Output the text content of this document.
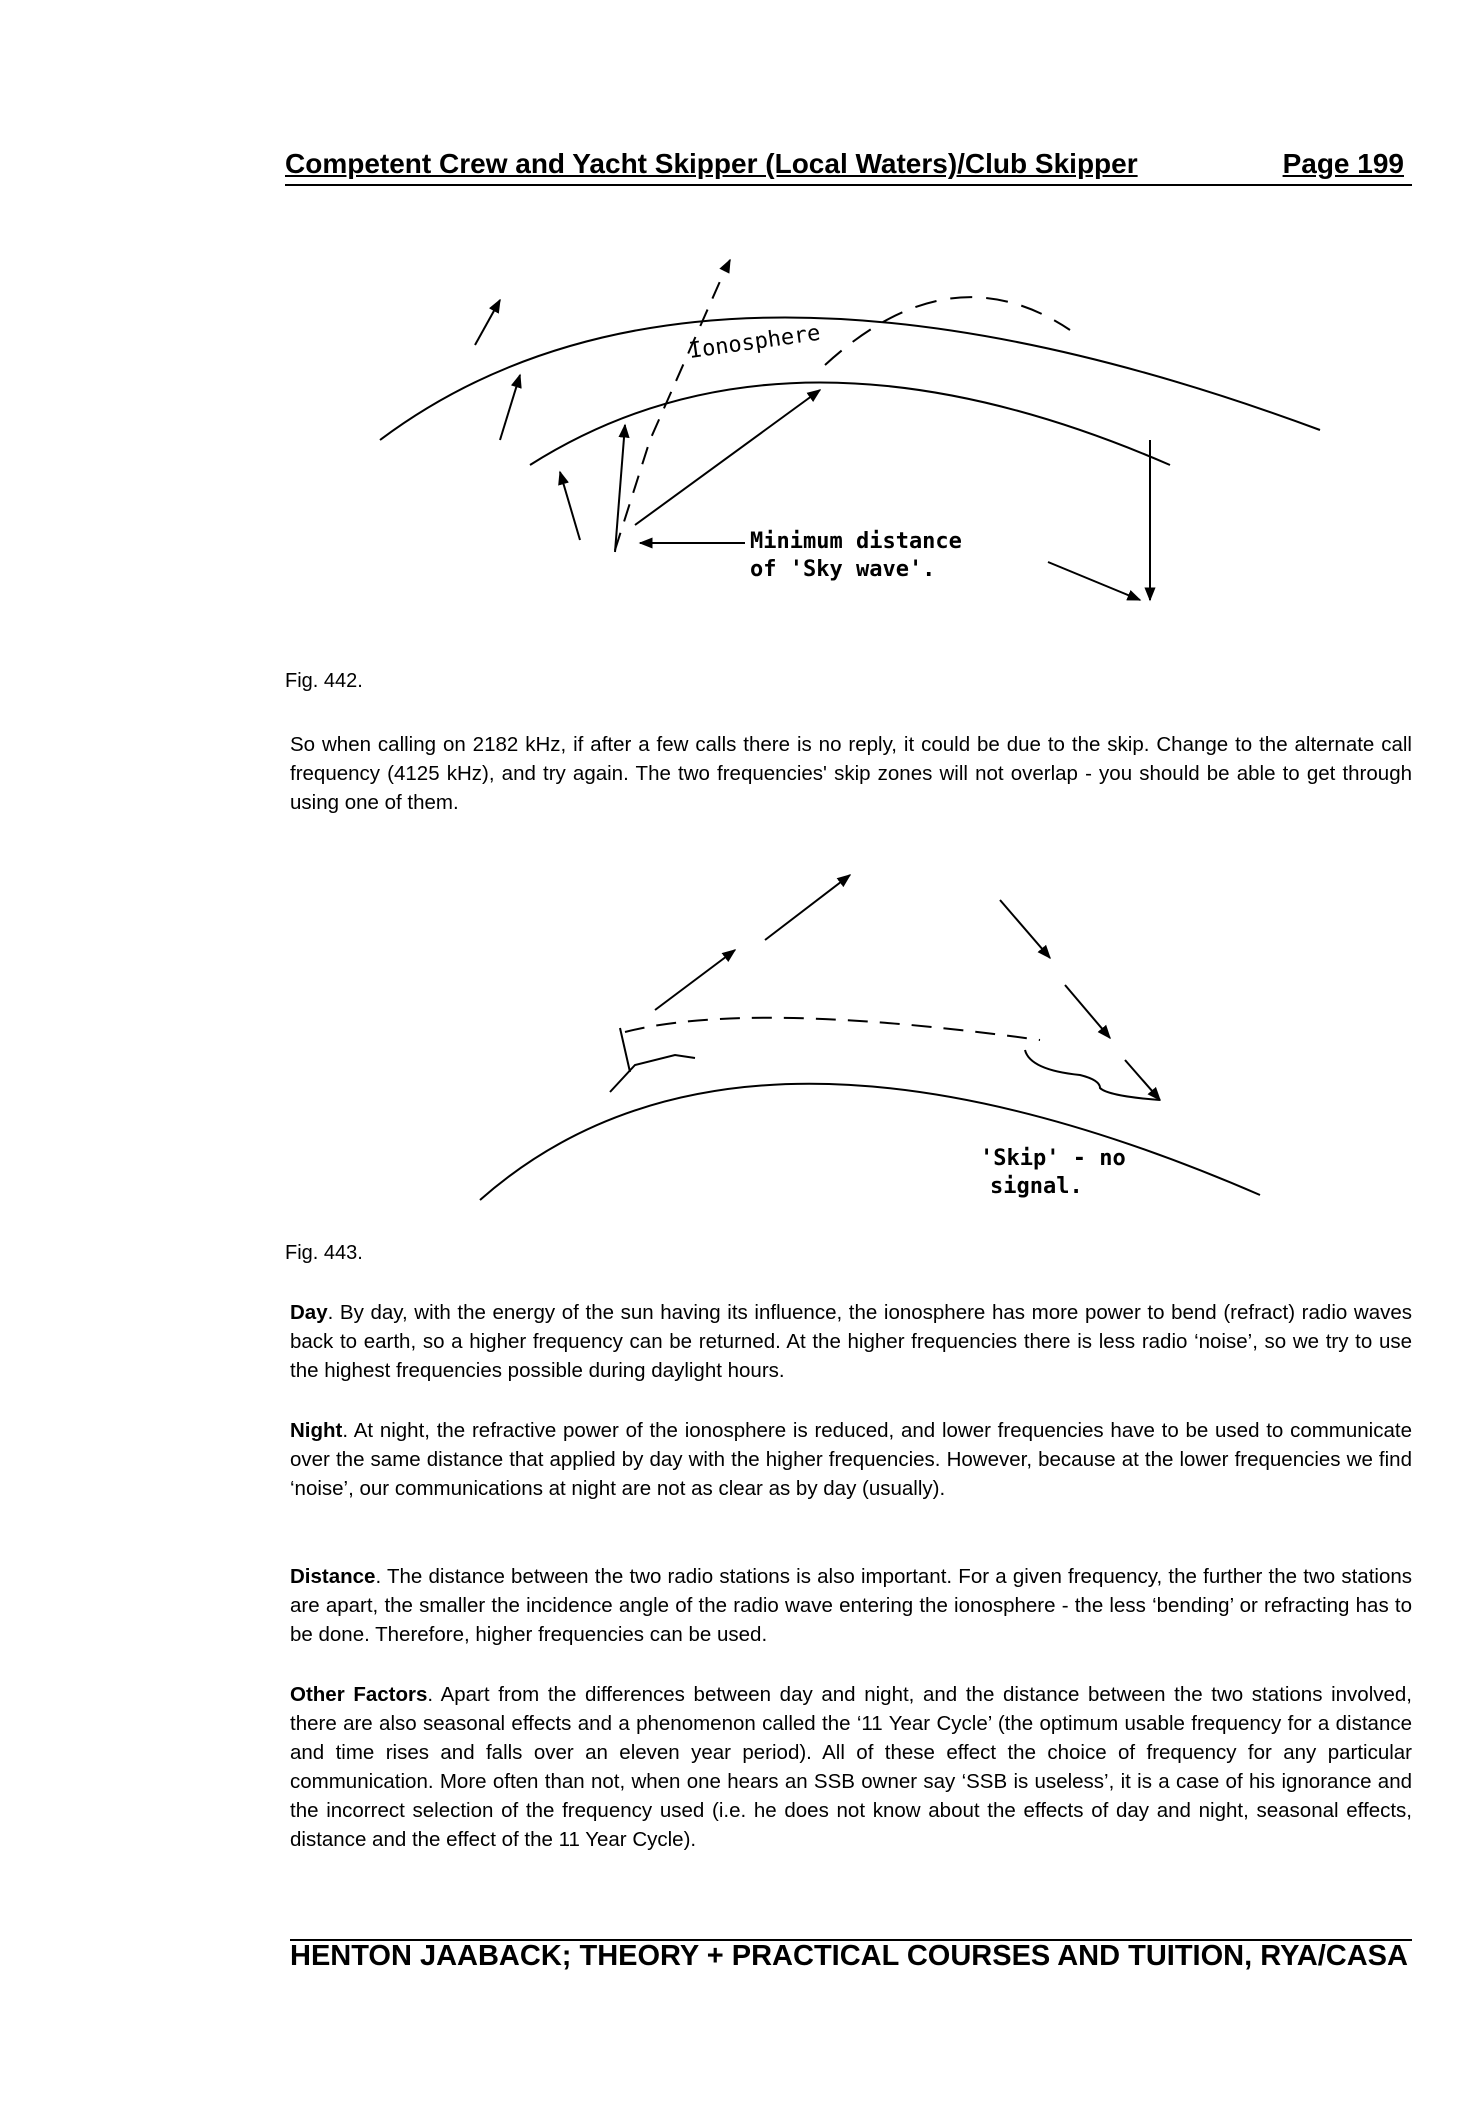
Competent Crew and Yacht Skipper (Local Waters)/Club Skipper	Page 199
Ionosphere
Minimum distance
of 'Sky wave'.
Fig. 442.
So when calling on 2182 kHz, if after a few calls there is no reply, it could be due to the skip. Change to the alternate call frequency (4125 kHz), and try again. The two frequencies' skip zones will not overlap - you should be able to get through using one of them.
'Skip' - no
signal.
Fig. 443.
Day. By day, with the energy of the sun having its influence, the ionosphere has more power to bend (refract) radio waves back to earth, so a higher frequency can be returned. At the higher frequencies there is less radio ‘noise’, so we try to use the highest frequencies possible during daylight hours.
Night. At night, the refractive power of the ionosphere is reduced, and lower frequencies have to be used to communicate over the same distance that applied by day with the higher frequencies. However, because at the lower frequencies we find ‘noise’, our communications at night are not as clear as by day (usually).
Distance. The distance between the two radio stations is also important. For a given frequency, the further the two stations are apart, the smaller the incidence angle of the radio wave entering the ionosphere - the less ‘bending’ or refracting has to be done. Therefore, higher frequencies can be used.
Other Factors. Apart from the differences between day and night, and the distance between the two stations involved, there are also seasonal effects and a phenomenon called the ‘11 Year Cycle’ (the optimum usable frequency for a distance and time rises and falls over an eleven year period). All of these effect the choice of frequency for any particular communication. More often than not, when one hears an SSB owner say ‘SSB is useless’, it is a case of his ignorance and the incorrect selection of the frequency used (i.e. he does not know about the effects of day and night, seasonal effects, distance and the effect of the 11 Year Cycle).
HENTON JAABACK; THEORY + PRACTICAL COURSES AND TUITION, RYA/CASA
